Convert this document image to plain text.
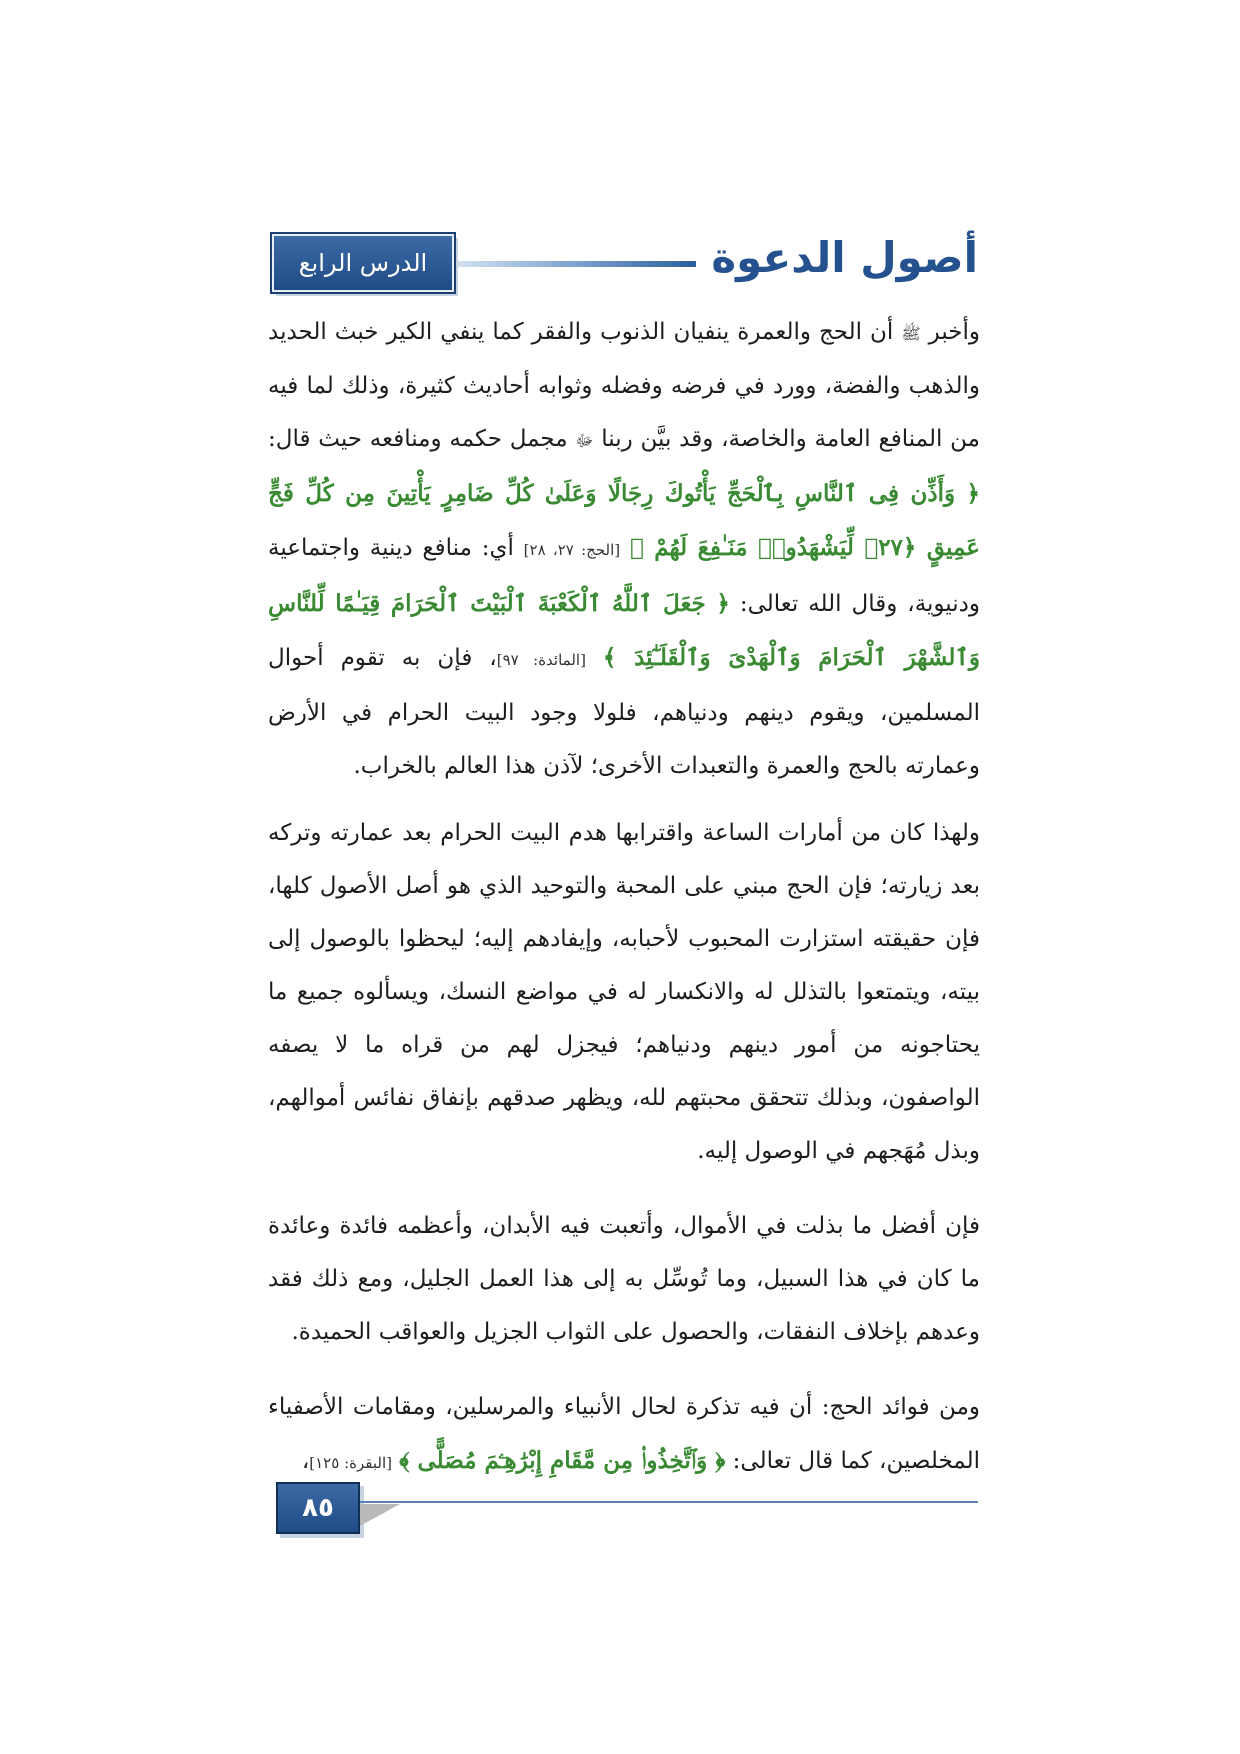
أصول الدعوة
الدرس الرابع

وأخبر ﷺ أن الحج والعمرة ينفيان الذنوب والفقر كما ينفي الكير خبث الحديد والذهب والفضة، وورد في فرضه وفضله وثوابه أحاديث كثيرة، وذلك لما فيه من المنافع العامة والخاصة، وقد بيَّن ربنا ﷻ مجمل حكمه ومنافعه حيث قال: ﴿ وَأَذِّن فِى ٱلنَّاسِ بِٱلْحَجِّ يَأْتُوكَ رِجَالًا وَعَلَىٰ كُلِّ ضَامِرٍ يَأْتِينَ مِن كُلِّ فَجٍّ عَمِيقٍ ﴿٢٧﴾ لِّيَشْهَدُوا۟ مَنَـٰفِعَ لَهُمْ ﴾ [الحج: ٢٧، ٢٨] أي: منافع دينية واجتماعية ودنيوية، وقال الله تعالى: ﴿ جَعَلَ ٱللَّهُ ٱلْكَعْبَةَ ٱلْبَيْتَ ٱلْحَرَامَ قِيَـٰمًا لِّلنَّاسِ وَٱلشَّهْرَ ٱلْحَرَامَ وَٱلْهَدْىَ وَٱلْقَلَـٰٓئِدَ ﴾ [المائدة: ٩٧]، فإن به تقوم أحوال المسلمين، ويقوم دينهم ودنياهم، فلولا وجود البيت الحرام في الأرض وعمارته بالحج والعمرة والتعبدات الأخرى؛ لآذن هذا العالم بالخراب.

ولهذا كان من أمارات الساعة واقترابها هدم البيت الحرام بعد عمارته وتركه بعد زيارته؛ فإن الحج مبني على المحبة والتوحيد الذي هو أصل الأصول كلها، فإن حقيقته استزارت المحبوب لأحبابه، وإيفادهم إليه؛ ليحظوا بالوصول إلى بيته، ويتمتعوا بالتذلل له والانكسار له في مواضع النسك، ويسألوه جميع ما يحتاجونه من أمور دينهم ودنياهم؛ فيجزل لهم من قراه ما لا يصفه الواصفون، وبذلك تتحقق محبتهم لله، ويظهر صدقهم بإنفاق نفائس أموالهم، وبذل مُهَجهم في الوصول إليه.

فإن أفضل ما بذلت في الأموال، وأتعبت فيه الأبدان، وأعظمه فائدة وعائدة ما كان في هذا السبيل، وما تُوسِّل به إلى هذا العمل الجليل، ومع ذلك فقد وعدهم بإخلاف النفقات، والحصول على الثواب الجزيل والعواقب الحميدة.

ومن فوائد الحج: أن فيه تذكرة لحال الأنبياء والمرسلين، ومقامات الأصفياء المخلصين، كما قال تعالى: ﴿ وَٱتَّخِذُوا۟ مِن مَّقَامِ إِبْرَٰهِـۧمَ مُصَلًّى ﴾ [البقرة: ١٢٥]،

٨٥
